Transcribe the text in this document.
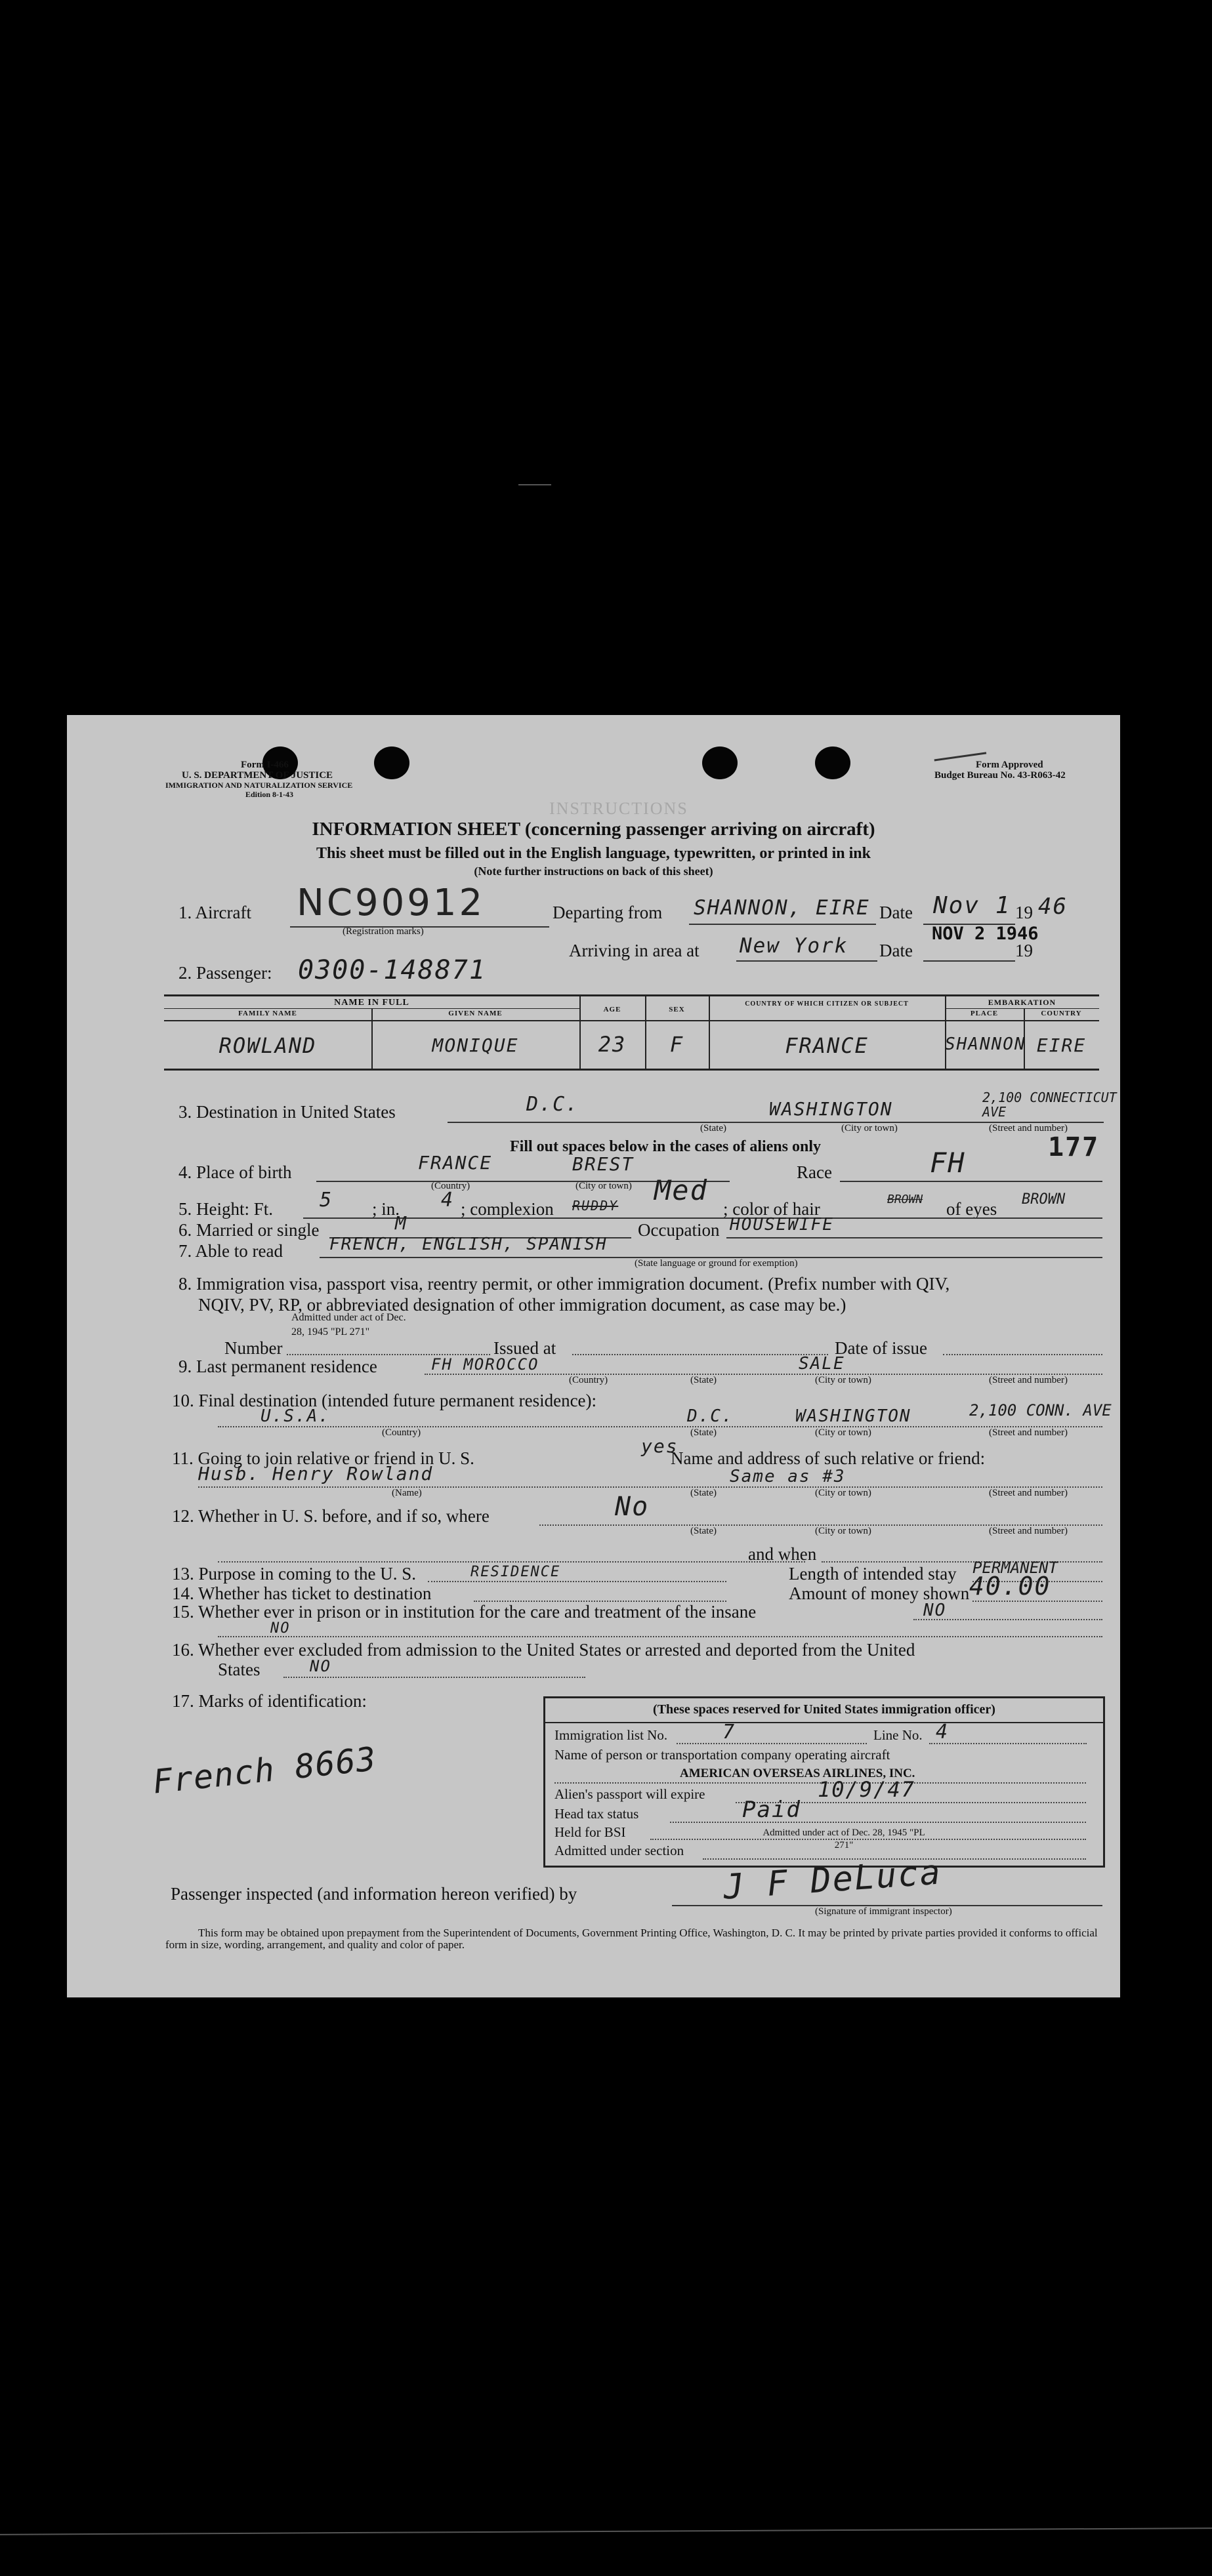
Form I-466
U. S. DEPARTMENT OF JUSTICE
IMMIGRATION AND NATURALIZATION SERVICE
Edition 8-1-43
Form Approved
Budget Bureau No. 43-R063-42
INSTRUCTIONS
INFORMATION SHEET (concerning passenger arriving on aircraft)
This sheet must be filled out in the English language, typewritten, or printed in ink
(Note further instructions on back of this sheet)
1. Aircraft NC90912
(Registration marks)
Departing from SHANNON, EIRE Date Nov 1 19 46
Arriving in area at New York Date
NOV 2 1946
19
2. Passenger: 0300-148871
NAME IN FULL
FAMILY NAME	GIVEN NAME	AGE	SEX
COUNTRY OF WHICH CITIZEN OR SUBJECT	EMBARKATION
PLACE	COUNTRY
ROWLAND	MONIQUE	23	F	FRANCE	SHANNON EIRE
3. Destination in United States	D.C.	WASHINGTON
2,100 CONNECTICUT AVE
(State)	(City or town)	(Street and number)
Fill out spaces below in the cases of aliens only	177
4. Place of birth	FRANCE	BREST
(Country)	(City or town)
Race	FH
5. Height: Ft. 5 ; in. 4 ; complexion RUDDY Med
; color of hair	BROWN of eyes BROWN
6. Married or single	M	Occupation HOUSEWIFE
7. Able to read	FRENCH, ENGLISH, SPANISH
(State language or ground for exemption)
8. Immigration visa, passport visa, reentry permit, or other immigration document. (Prefix number with QIV,
NQIV, PV, RP, or abbreviated designation of other immigration document, as case may be.)
Admitted under act of Dec. 28, 1945 "PL 271"
Number	Issued at	Date of issue
9. Last permanent residence	FH MOROCCO	SALE
(Country)	(State)	(City or town)	(Street and number)
10. Final destination (intended future permanent residence):
U.S.A.	D.C.	WASHINGTON	2,100 CONN. AVE
(Country)	(State)	(City or town)	(Street and number)
11. Going to join relative or friend in U. S.
yes
Name and address of such relative or friend:
Husb. Henry Rowland	Same as #3
(Name)	(State)	(City or town)	(Street and number)
12. Whether in U. S. before, and if so, where	No
(State)	(City or town)	(Street and number)
and when
13. Purpose in coming to the U. S.	RESIDENCE	Length of intended stay PERMANENT
14. Whether has ticket to destination	Amount of money shown 40.00
15. Whether ever in prison or in institution for the care and treatment of the insane	NO
NO
16. Whether ever excluded from admission to the United States or arrested and deported from the United
States	NO
17. Marks of identification:
French 8663
(These spaces reserved for United States immigration officer)
Immigration list No.	7	Line No. 4
Name of person or transportation company operating aircraft
AMERICAN OVERSEAS AIRLINES, INC.
Alien's passport will expire	10/9/47
Head tax status	Paid
Held for BSI
Admitted under section
Admitted under act of Dec. 28, 1945 "PL 271"
Passenger inspected (and information hereon verified) by	J F DeLuca
(Signature of immigrant inspector)
This form may be obtained upon prepayment from the Superintendent of Documents, Government Printing Office, Washington, D. C. It may be printed by private parties provided it conforms to official form in size, wording, arrangement, and quality and color of paper.
